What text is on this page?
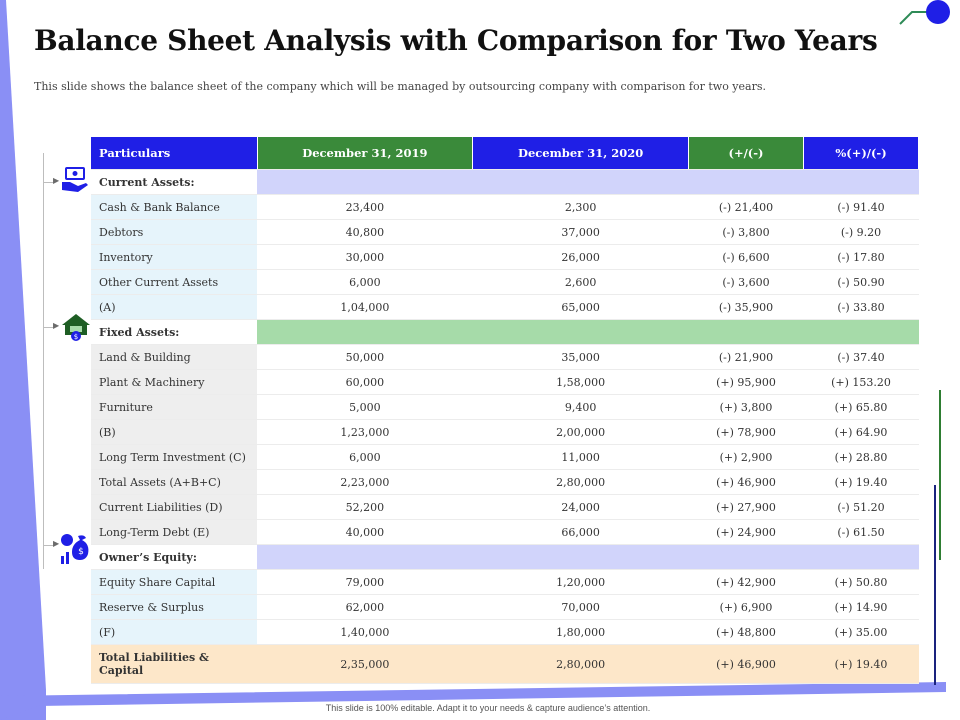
Balance Sheet Analysis with Comparison for Two Years

This slide shows the balance sheet of the company which will be managed by outsourcing company with comparison for two years.

▶
▶
▶
$
$
Particulars	December 31, 2019	December 31, 2020	(+/(-)	%(+)/(-)
Current Assets:				
Cash & Bank Balance	23,400	2,300	(-) 21,400	(-) 91.40
Debtors	40,800	37,000	(-) 3,800	(-) 9.20
Inventory	30,000	26,000	(-) 6,600	(-) 17.80
Other Current Assets	6,000	2,600	(-) 3,600	(-) 50.90
(A)	1,04,000	65,000	(-) 35,900	(-) 33.80
Fixed Assets:				
Land & Building	50,000	35,000	(-) 21,900	(-) 37.40
Plant & Machinery	60,000	1,58,000	(+) 95,900	(+) 153.20
Furniture	5,000	9,400	(+) 3,800	(+) 65.80
(B)	1,23,000	2,00,000	(+) 78,900	(+) 64.90
Long Term Investment (C)	6,000	11,000	(+) 2,900	(+) 28.80
Total Assets (A+B+C)	2,23,000	2,80,000	(+) 46,900	(+) 19.40
Current Liabilities (D)	52,200	24,000	(+) 27,900	(-) 51.20
Long-Term Debt (E)	40,000	66,000	(+) 24,900	(-) 61.50
Owner’s Equity:				
Equity Share Capital	79,000	1,20,000	(+) 42,900	(+) 50.80
Reserve & Surplus	62,000	70,000	(+) 6,900	(+) 14.90
(F)	1,40,000	1,80,000	(+) 48,800	(+) 35.00
Total Liabilities & Capital	2,35,000	2,80,000	(+) 46,900	(+) 19.40
This slide is 100% editable. Adapt it to your needs & capture audience’s attention.
